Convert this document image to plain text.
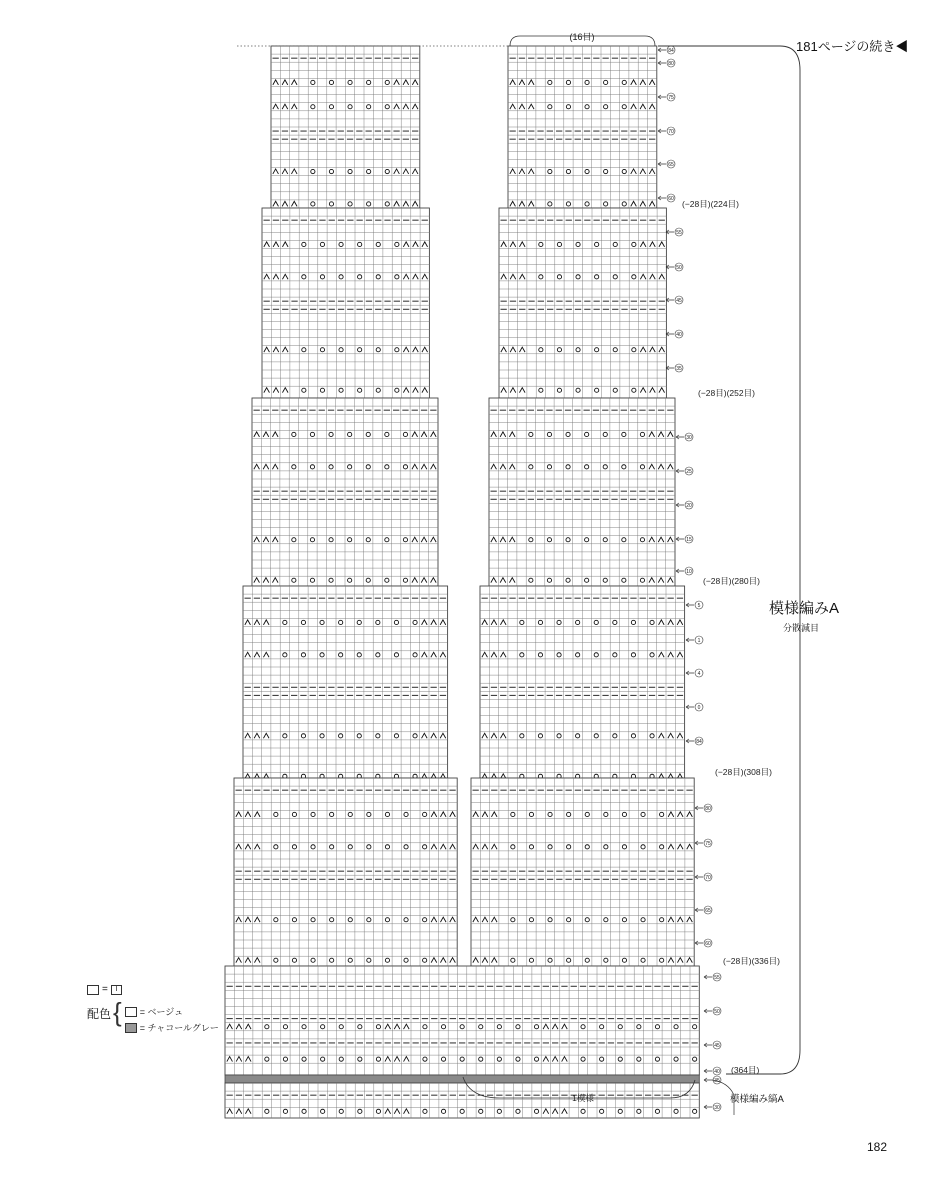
(16目)
1模様
84
80
75
70
65
60
55
50
45
40
35
30
25
20
15
10
5
1
4
0
84
80
75
70
65
60
55
50
45
40
35
30
(−28目)(224目)
(−28目)(252目)
(−28目)(280目)
(−28目)(308目)
(−28目)(336目)
(364目)
181ページの続き◀
模様編みA
分散減目
模様編み縞A
182
=	I
配色 { = ベージュ
= チャコールグレー
